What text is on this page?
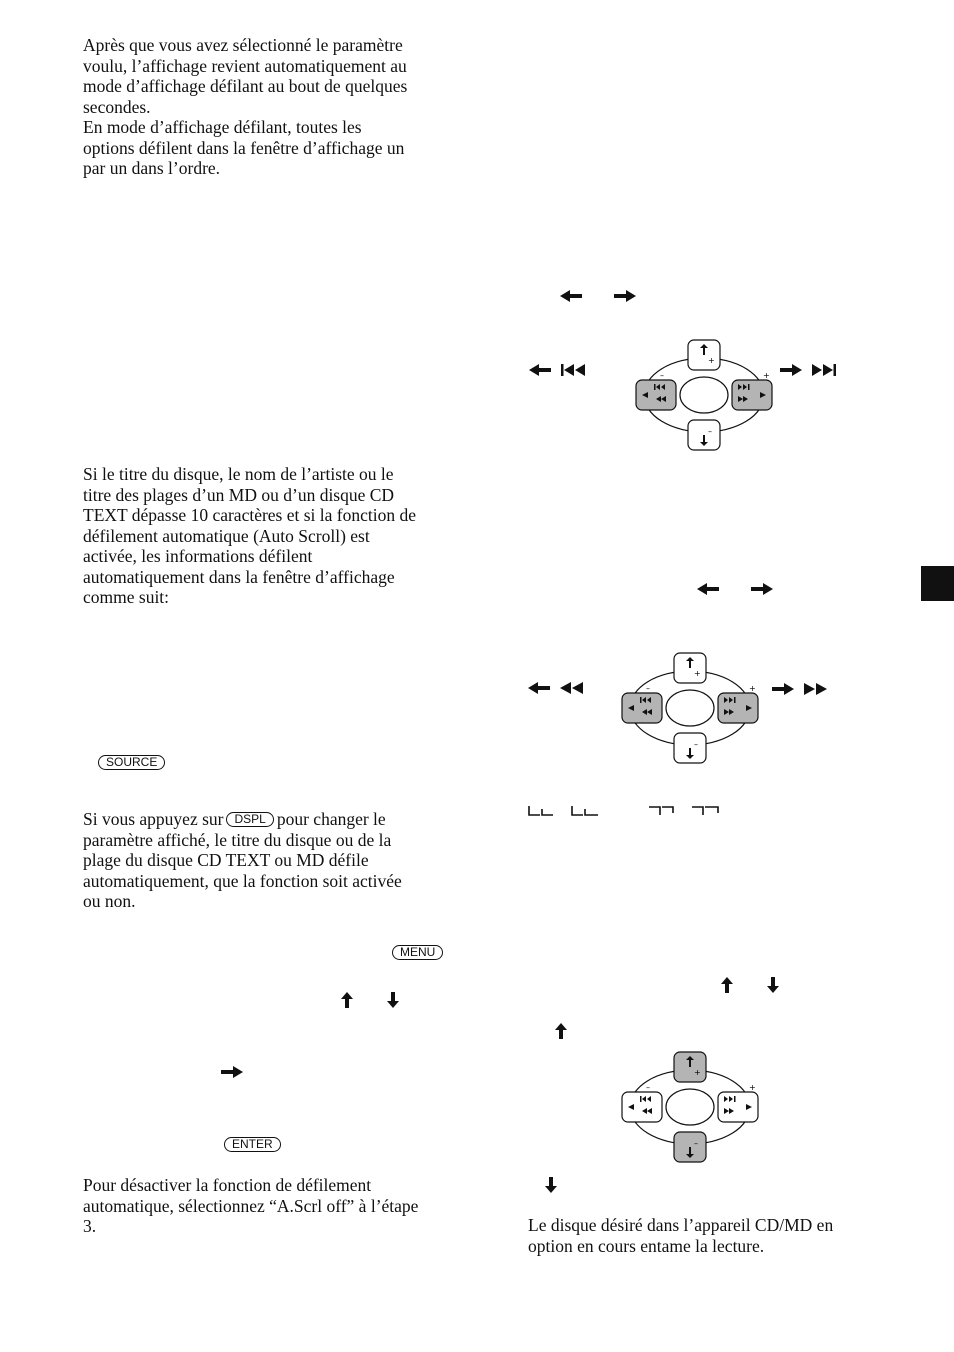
Après que vous avez sélectionné le paramètre
voulu, l’affichage revient automatiquement au
mode d’affichage défilant au bout de quelques
secondes.
En mode d’affichage défilant, toutes les
options défilent dans la fenêtre d’affichage un
par un dans l’ordre.
Si le titre du disque, le nom de l’artiste ou le
titre des plages d’un MD ou d’un disque CD
TEXT dépasse 10 caractères et si la fonction de
défilement automatique (Auto Scroll) est
activée, les informations défilent
automatiquement dans la fenêtre d’affichage
comme suit:
SOURCE
Si vous appuyez sur DSPL pour changer le
paramètre affiché, le titre du disque ou de la
plage du disque CD TEXT ou MD défile
automatiquement, que la fonction soit activée
ou non.
MENU
ENTER
Pour désactiver la fonction de défilement
automatique, sélectionnez “A.Scrl off” à l’étape
3.
+
–
–	+
+
–
–	+
+
–
–	+
Le disque désiré dans l’appareil CD/MD en
option en cours entame la lecture.
